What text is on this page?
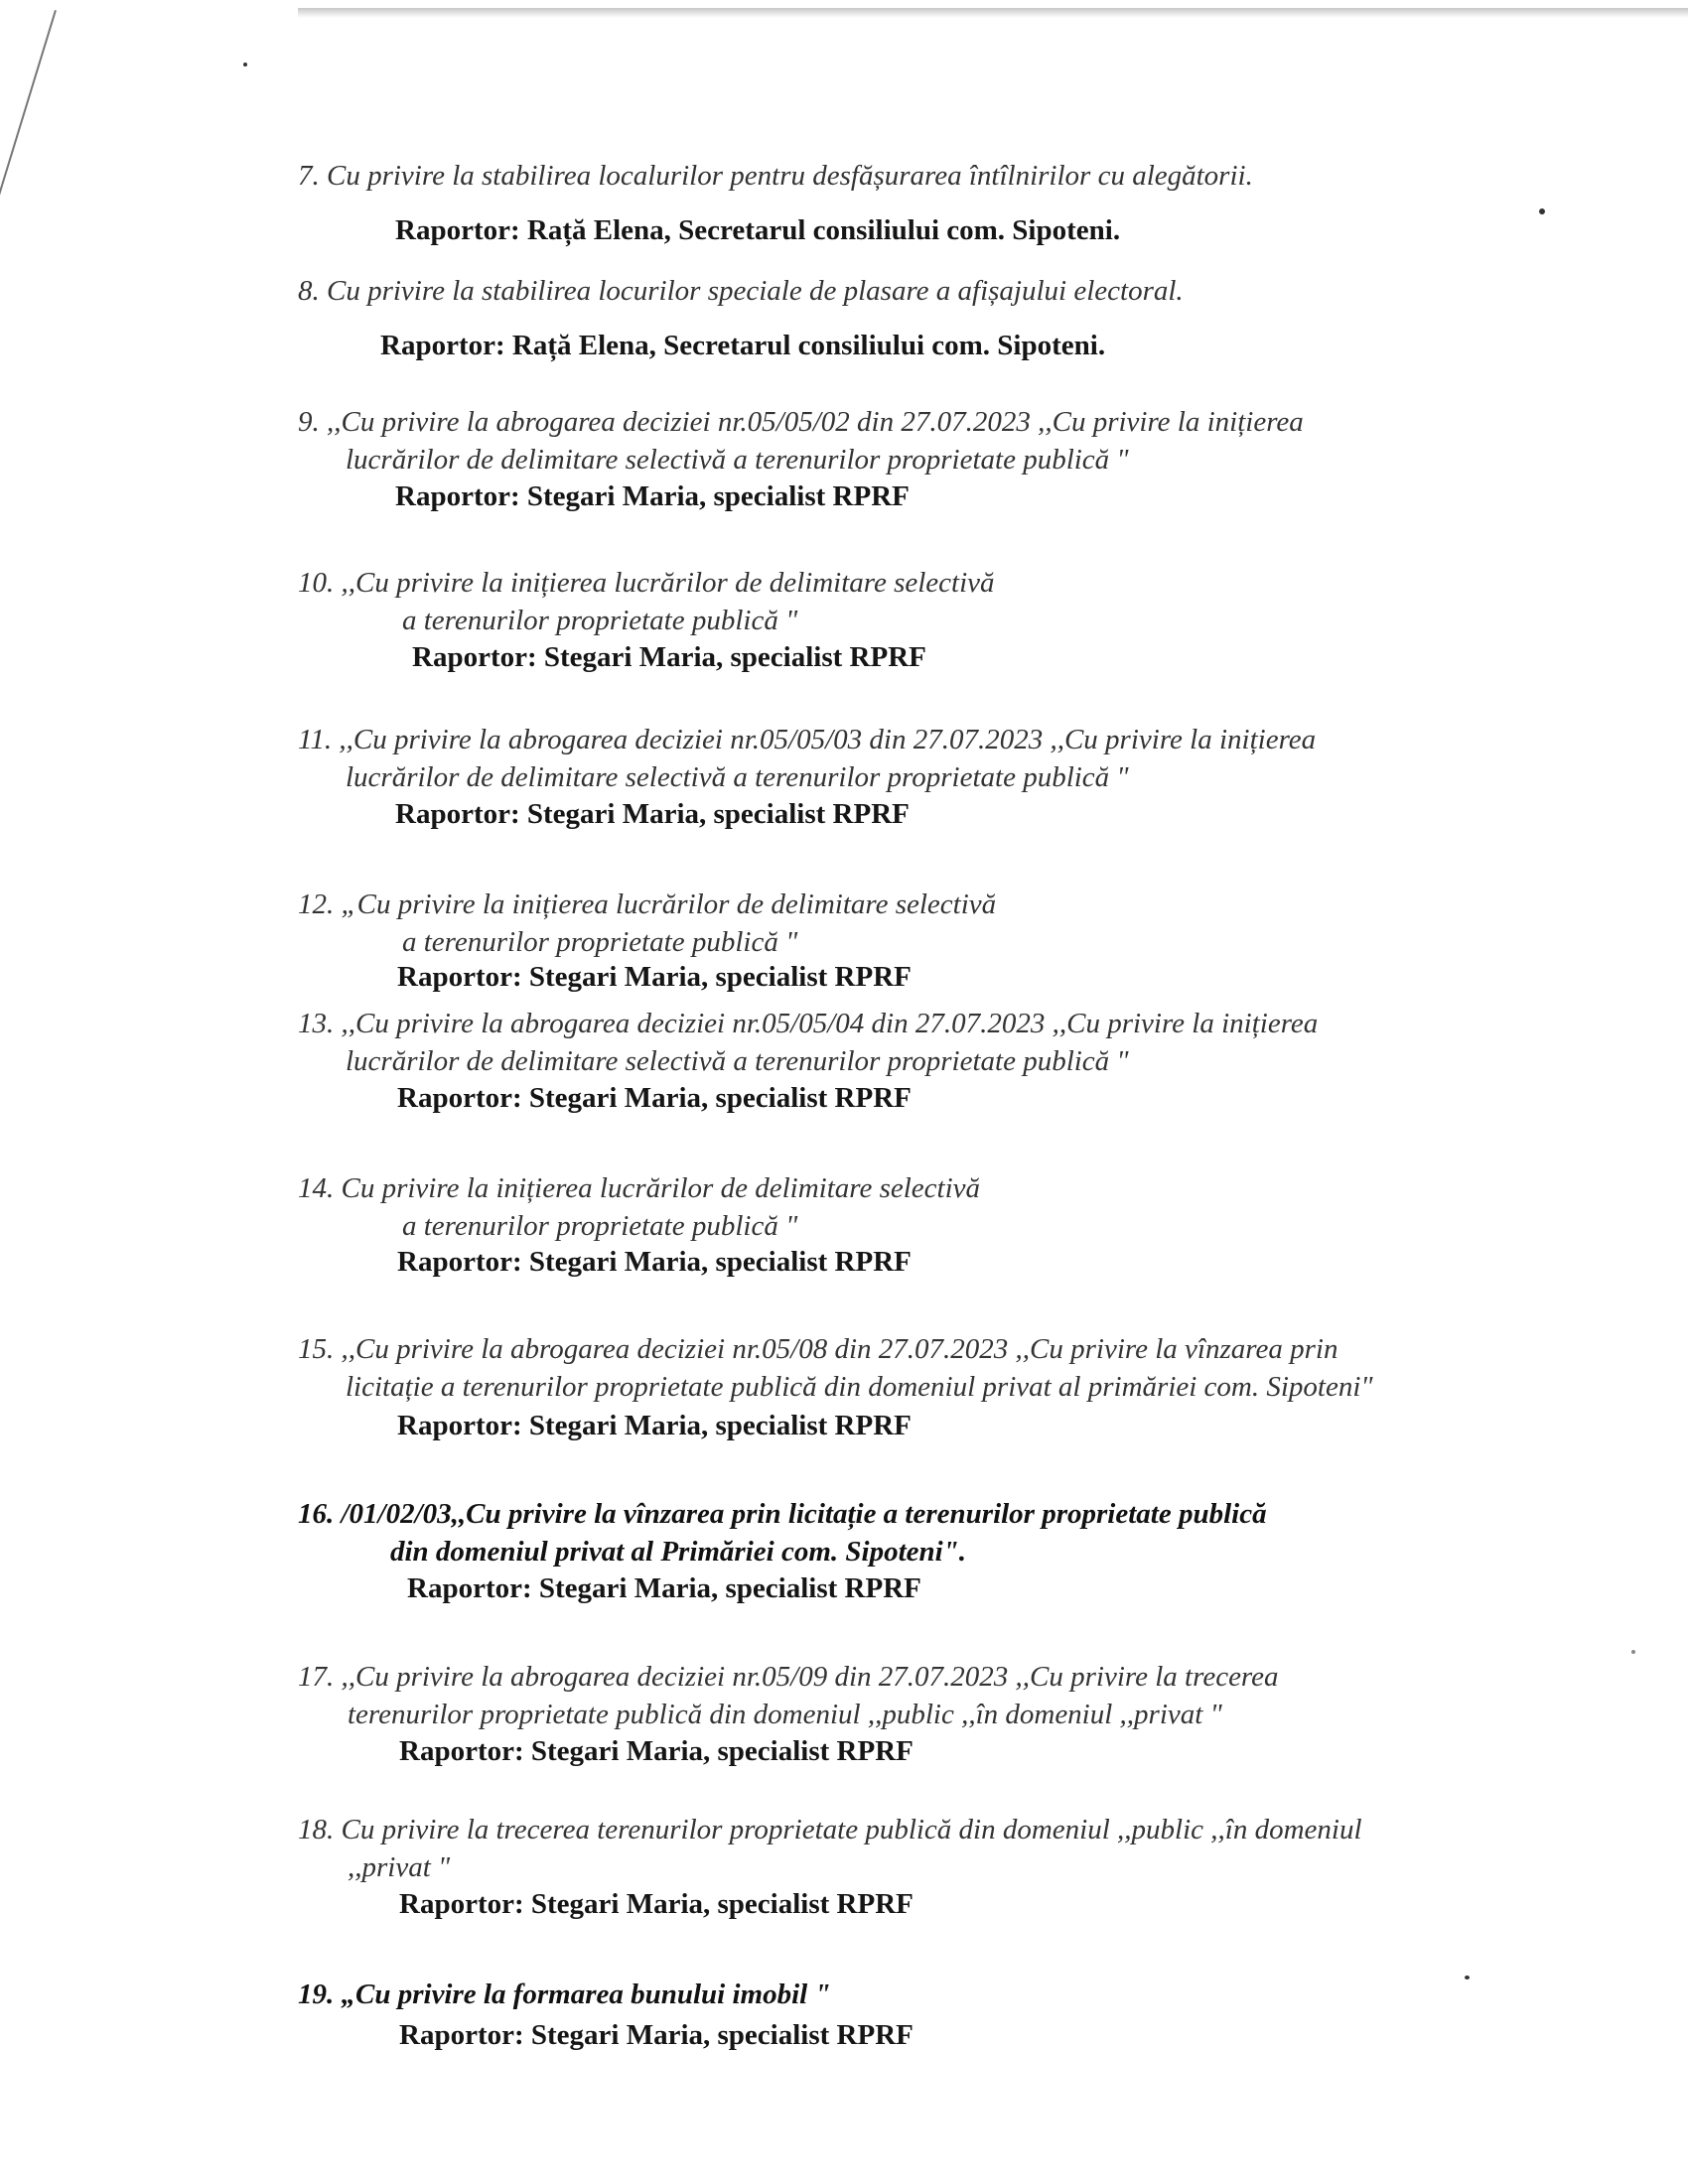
7. Cu privire la stabilirea localurilor pentru desfășurarea întîlnirilor cu alegătorii.
Raportor: Rață Elena, Secretarul consiliului com. Sipoteni.
8. Cu privire la stabilirea locurilor speciale de plasare a afișajului electoral.
Raportor: Rață Elena, Secretarul consiliului com. Sipoteni.
9. ,,Cu privire la abrogarea deciziei nr.05/05/02 din 27.07.2023 ,,Cu privire la inițierea
lucrărilor de delimitare selectivă a terenurilor proprietate publică "
Raportor: Stegari Maria, specialist RPRF
10. ,,Cu privire la inițierea lucrărilor de delimitare selectivă
a terenurilor proprietate publică "
Raportor: Stegari Maria, specialist RPRF
11. ,,Cu privire la abrogarea deciziei nr.05/05/03 din 27.07.2023 ,,Cu privire la inițierea
lucrărilor de delimitare selectivă a terenurilor proprietate publică "
Raportor: Stegari Maria, specialist RPRF
12. „Cu privire la inițierea lucrărilor de delimitare selectivă
a terenurilor proprietate publică "
Raportor: Stegari Maria, specialist RPRF
13. ,,Cu privire la abrogarea deciziei nr.05/05/04 din 27.07.2023 ,,Cu privire la inițierea
lucrărilor de delimitare selectivă a terenurilor proprietate publică "
Raportor: Stegari Maria, specialist RPRF
14. Cu privire la inițierea lucrărilor de delimitare selectivă
a terenurilor proprietate publică "
Raportor: Stegari Maria, specialist RPRF
15. ,,Cu privire la abrogarea deciziei nr.05/08 din 27.07.2023 ,,Cu privire la vînzarea prin
licitație a terenurilor proprietate publică din domeniul privat al primăriei com. Sipoteni"
Raportor: Stegari Maria, specialist RPRF
16. /01/02/03,,Cu privire la vînzarea prin licitație a terenurilor proprietate publică
din domeniul privat al Primăriei com. Sipoteni".
Raportor: Stegari Maria, specialist RPRF
17. ,,Cu privire la abrogarea deciziei nr.05/09 din 27.07.2023 ,,Cu privire la trecerea
terenurilor proprietate publică din domeniul ,,public ,,în domeniul ,,privat "
Raportor: Stegari Maria, specialist RPRF
18. Cu privire la trecerea terenurilor proprietate publică din domeniul ,,public ,,în domeniul
,,privat "
Raportor: Stegari Maria, specialist RPRF
19. „Cu privire la formarea bunului imobil "
Raportor: Stegari Maria, specialist RPRF
